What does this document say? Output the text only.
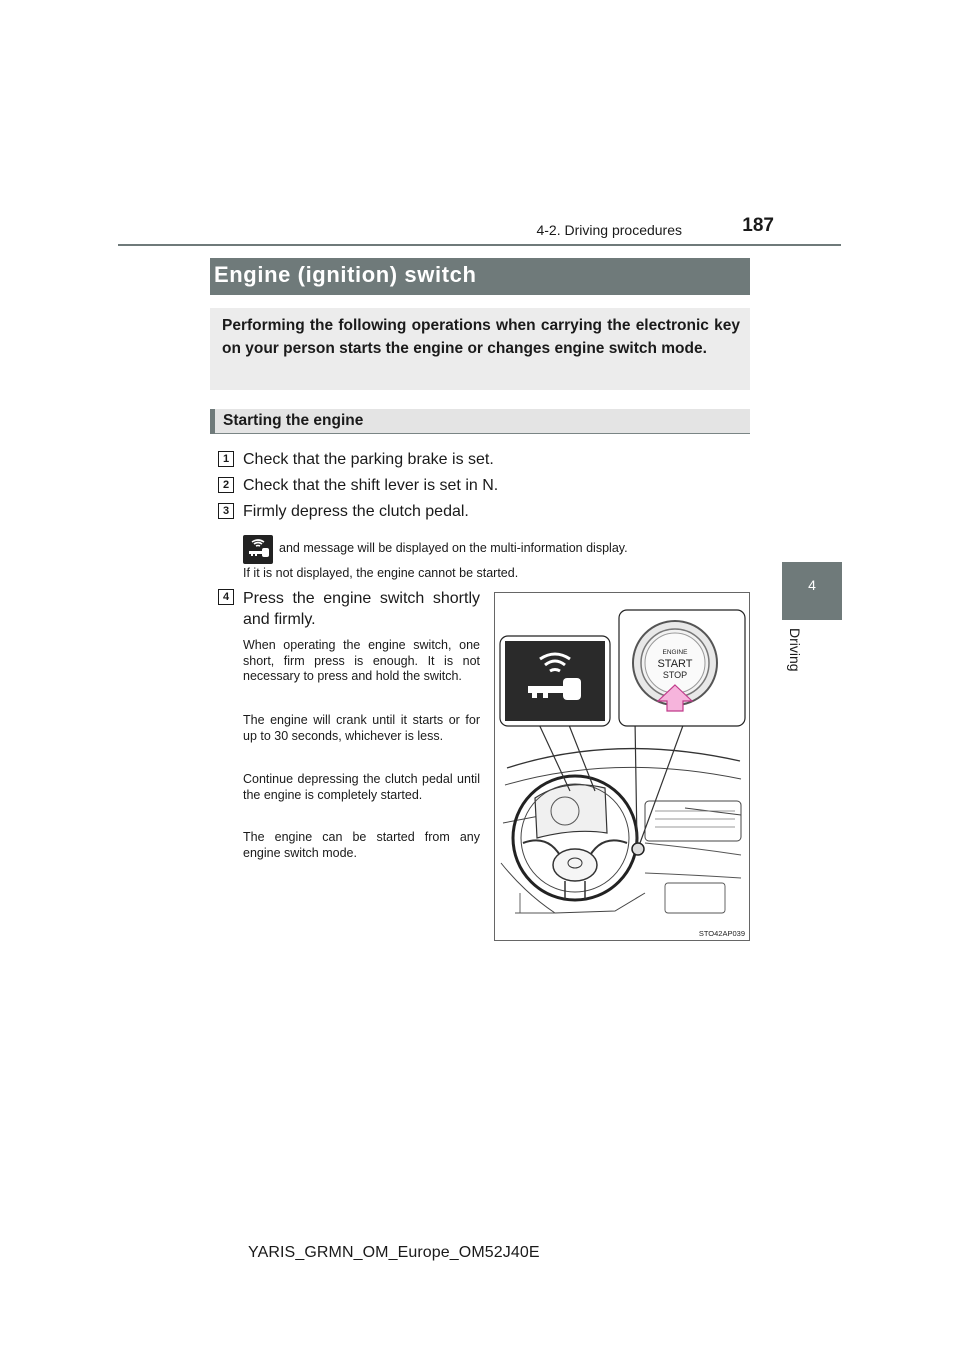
4-2. Driving procedures	187
4
Driving
Engine (ignition) switch
Performing the following operations when carrying the electronic key on your person starts the engine or changes engine switch mode.
Starting the engine
1 Check that the parking brake is set.
2 Check that the shift lever is set in N.
3 Firmly depress the clutch pedal.
and message will be displayed on the multi-information display.
If it is not displayed, the engine cannot be started.
4 Press the engine switch shortly and firmly.
When operating the engine switch, one short, firm press is enough. It is not necessary to press and hold the switch.
The engine will crank until it starts or for up to 30 seconds, whichever is less.
Continue depressing the clutch pedal until the engine is completely started.
The engine can be started from any engine switch mode.
ENGINE
START
STOP
STO42AP039
YARIS_GRMN_OM_Europe_OM52J40E
